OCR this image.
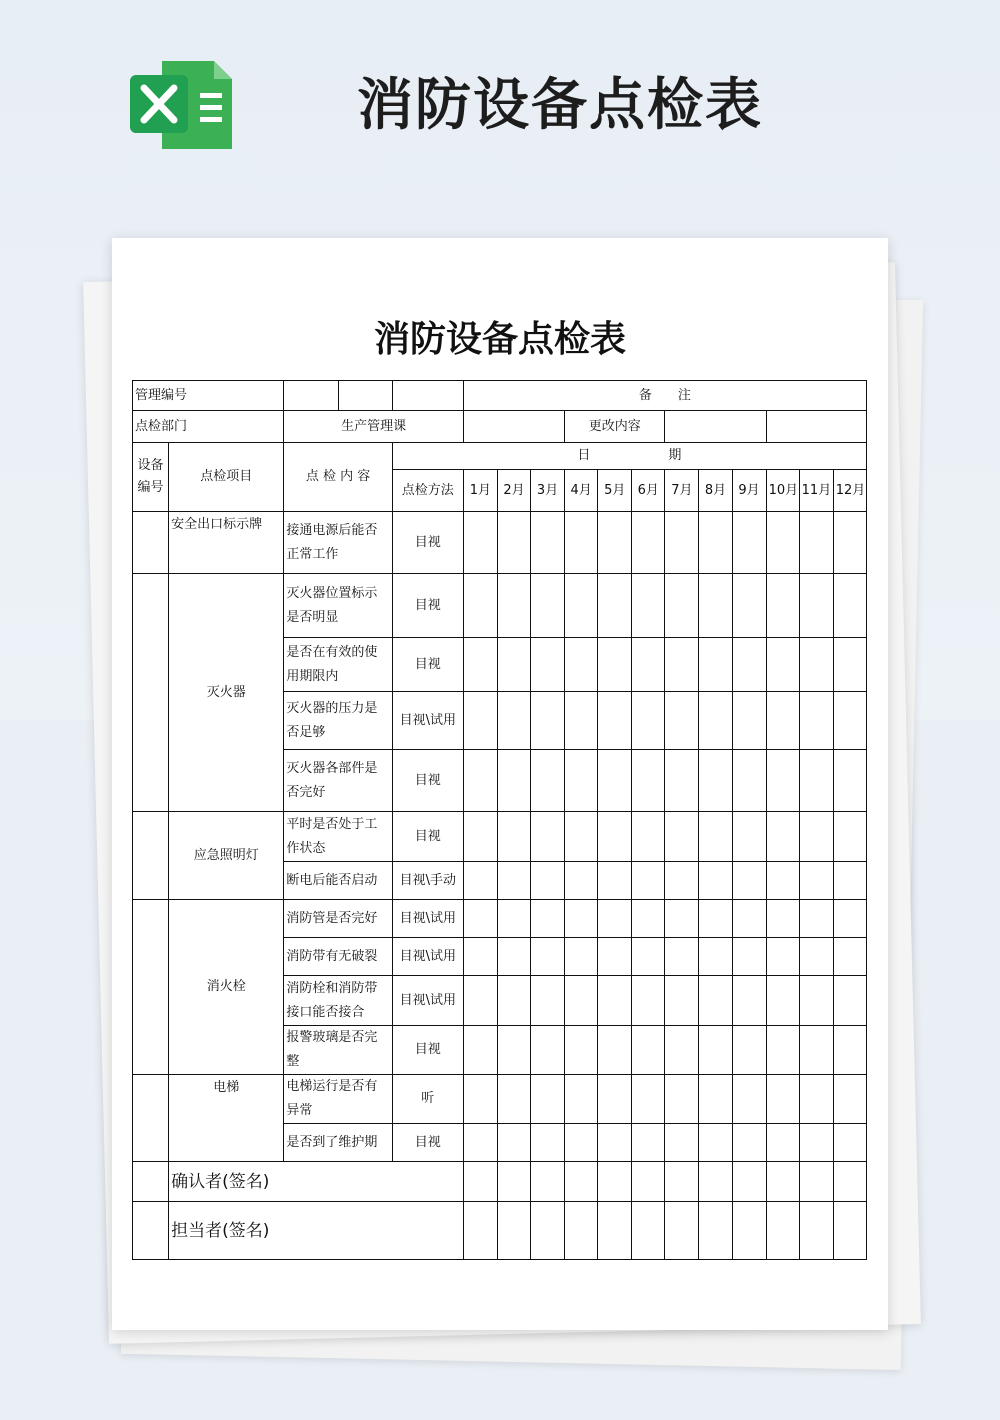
消防设备点检表
消防设备点检表
管理编号					备　　注											
点检部门		生产管理课						更改内容								
设备编号	点检项目	点 检 内 容		日　　　　　　期												
				点检方法	1月	2月	3月	4月	5月	6月	7月	8月	9月	10月	11月	12月
	安全出口标示牌	接通电源后能否正常工作		目视												
	灭火器	灭火器位置标示是否明显		目视												
		是否在有效的使用期限内		目视												
		灭火器的压力是否足够		目视\试用												
		灭火器各部件是否完好		目视												
	应急照明灯	平时是否处于工作状态		目视												
		断电后能否启动		目视\手动												
	消火栓	消防管是否完好		目视\试用												
		消防带有无破裂		目视\试用												
		消防栓和消防带接口能否接合		目视\试用												
		报警玻璃是否完整		目视												
	电梯	电梯运行是否有异常		听												
		是否到了维护期		目视												
	确认者(签名)															
	担当者(签名)															
